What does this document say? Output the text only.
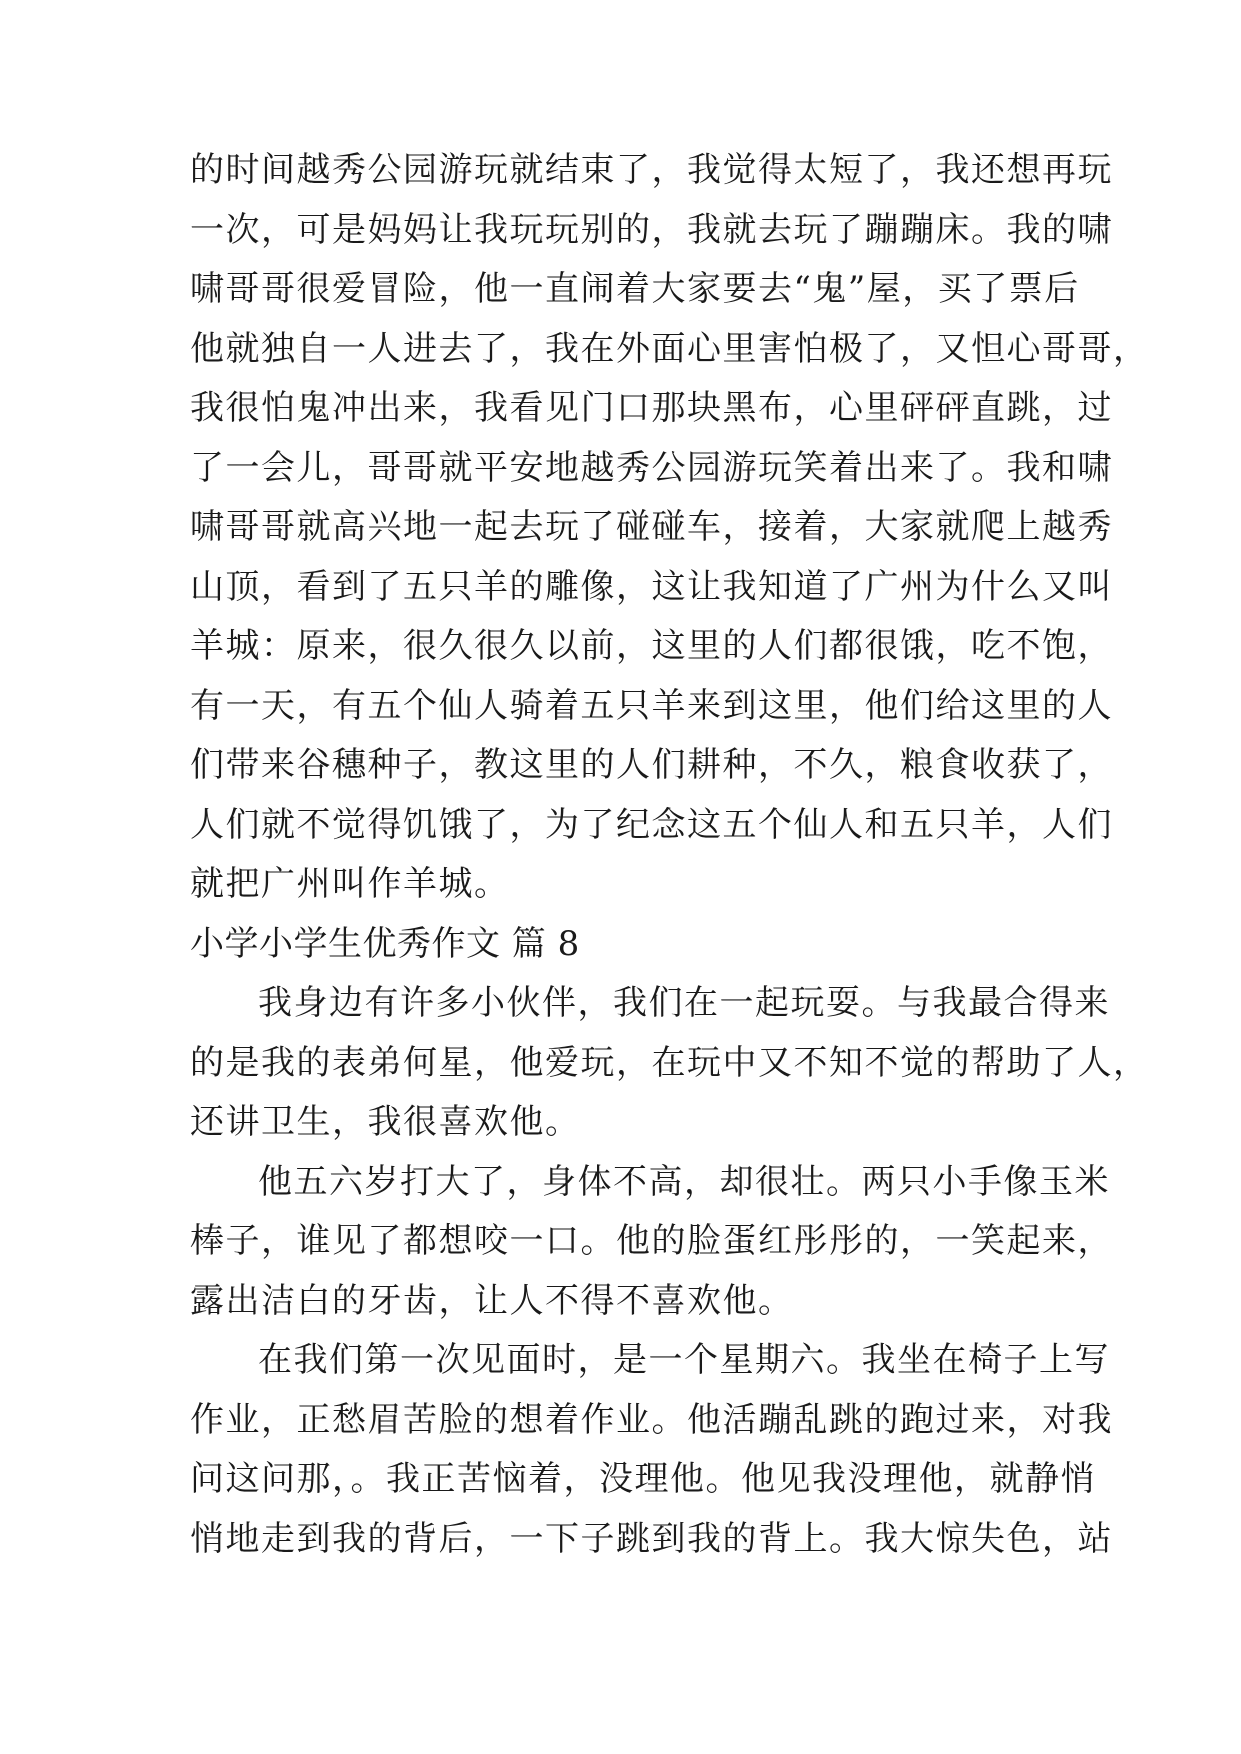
的时间越秀公园游玩就结束了，我觉得太短了，我还想再玩
一次，可是妈妈让我玩玩别的，我就去玩了蹦蹦床。我的啸
啸哥哥很爱冒险，他一直闹着大家要去“鬼”屋，买了票后
他就独自一人进去了，我在外面心里害怕极了，又怛心哥哥，
我很怕鬼冲出来，我看见门口那块黑布，心里砰砰直跳，过
了一会儿，哥哥就平安地越秀公园游玩笑着出来了。我和啸
啸哥哥就高兴地一起去玩了碰碰车，接着，大家就爬上越秀
山顶，看到了五只羊的雕像，这让我知道了广州为什么又叫
羊城：原来，很久很久以前，这里的人们都很饿，吃不饱，
有一天，有五个仙人骑着五只羊来到这里，他们给这里的人
们带来谷穗种子，教这里的人们耕种，不久，粮食收获了，
人们就不觉得饥饿了，为了纪念这五个仙人和五只羊，人们
就把广州叫作羊城。
小学小学生优秀作文 篇 8
我身边有许多小伙伴，我们在一起玩耍。与我最合得来
的是我的表弟何星，他爱玩，在玩中又不知不觉的帮助了人，
还讲卫生，我很喜欢他。
他五六岁打大了，身体不高，却很壮。两只小手像玉米
棒子，谁见了都想咬一口。他的脸蛋红彤彤的，一笑起来，
露出洁白的牙齿，让人不得不喜欢他。
在我们第一次见面时，是一个星期六。我坐在椅子上写
作业，正愁眉苦脸的想着作业。他活蹦乱跳的跑过来，对我
问这问那，。我正苦恼着，没理他。他见我没理他，就静悄
悄地走到我的背后，一下子跳到我的背上。我大惊失色，站
